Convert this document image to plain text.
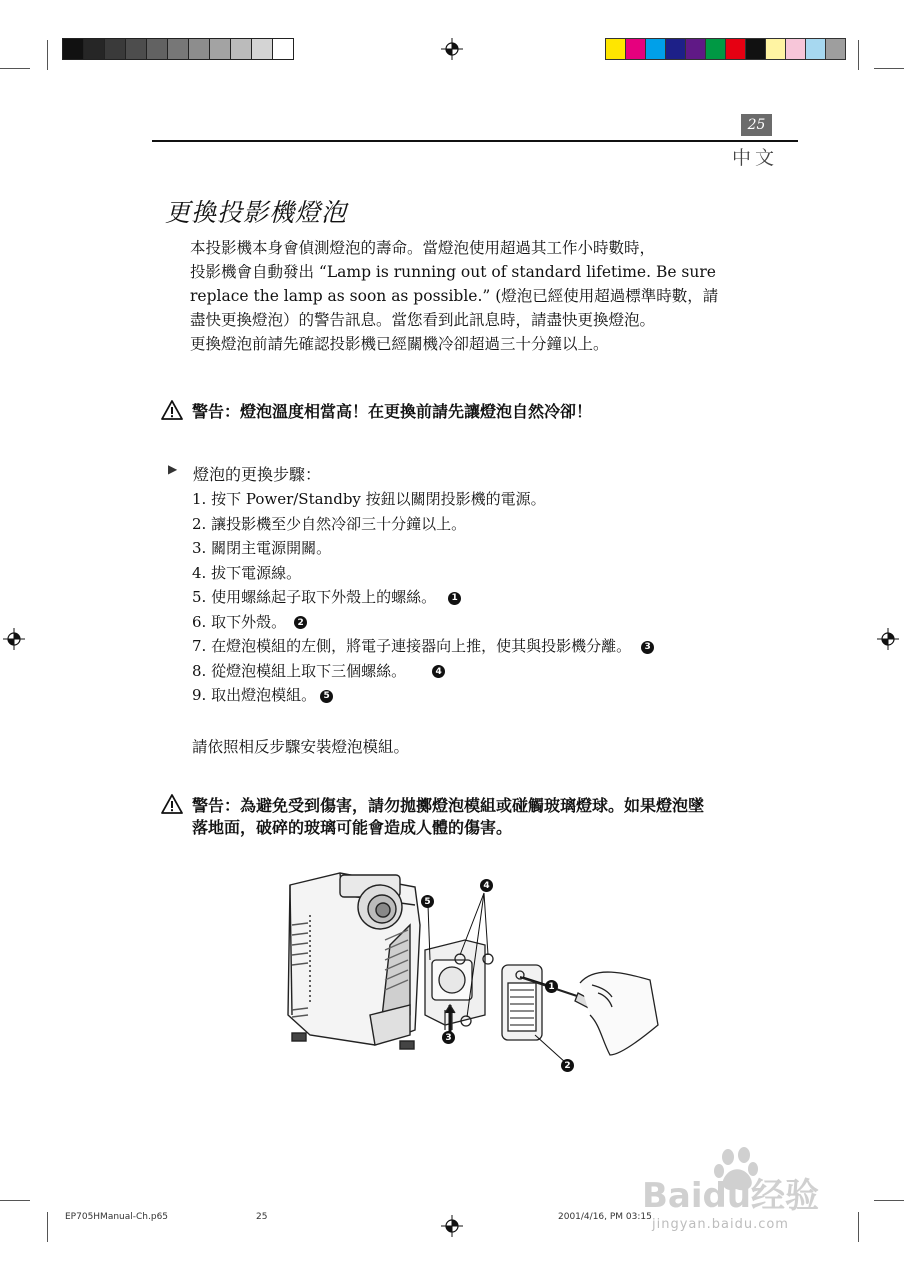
25
中文
更換投影機燈泡
本投影機本身會偵測燈泡的壽命。當燈泡使用超過其工作小時數時，
投影機會自動發出 “Lamp is running out of standard lifetime. Be sure
replace the lamp as soon as possible.” (燈泡已經使用超過標準時數，請
盡快更換燈泡）的警告訊息。當您看到此訊息時，請盡快更換燈泡。
更換燈泡前請先確認投影機已經關機冷卻超過三十分鐘以上。
警告：燈泡溫度相當高！在更換前請先讓燈泡自然冷卻！
▶ 燈泡的更換步驟：
1. 按下 Power/Standby 按鈕以關閉投影機的電源。
2. 讓投影機至少自然冷卻三十分鐘以上。
3. 關閉主電源開關。
4. 拔下電源線。
5. 使用螺絲起子取下外殼上的螺絲。 1
6. 取下外殼。 2
7. 在燈泡模組的左側，將電子連接器向上推，使其與投影機分離。 3
8. 從燈泡模組上取下三個螺絲。	4
9. 取出燈泡模組。 5
請依照相反步驟安裝燈泡模組。
警告：為避免受到傷害，請勿拋擲燈泡模組或碰觸玻璃燈球。如果燈泡墜
落地面，破碎的玻璃可能會造成人體的傷害。
4
5
1
3
2
Baidu经验
jingyan.baidu.com
EP705HManual-Ch.p65	25	2001/4/16, PM 03:15
